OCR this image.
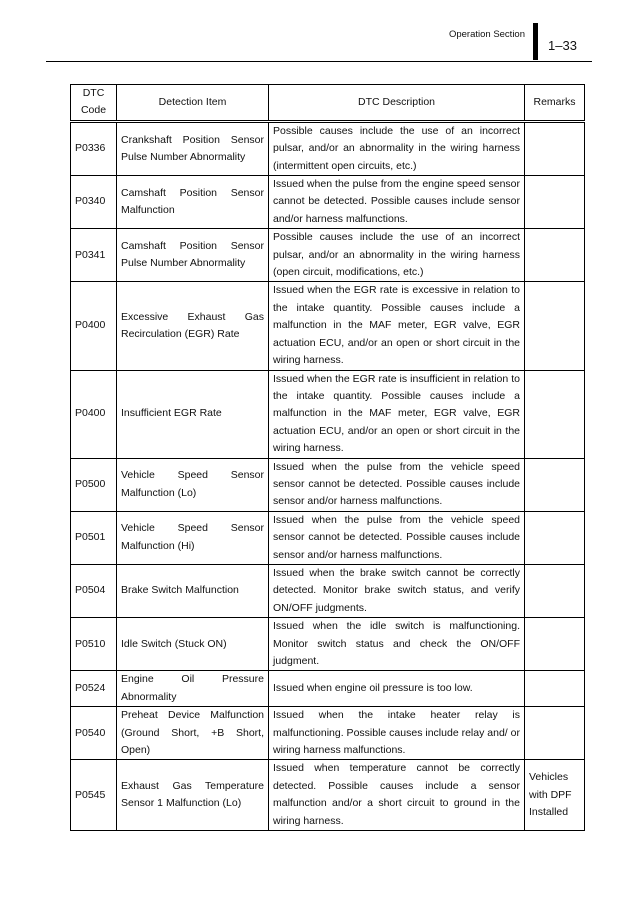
Operation Section
1–33
DTC
Code	Detection Item	DTC Description	Remarks
P0336	Crankshaft Position Sensor Pulse Number Abnormality	Possible causes include the use of an incorrect pulsar, and/or an abnormality in the wiring harness (intermittent open circuits, etc.)	
P0340	Camshaft Position Sensor Malfunction	Issued when the pulse from the engine speed sensor cannot be detected. Possible causes include sensor and/or harness malfunctions.	
P0341	Camshaft Position Sensor Pulse Number Abnormality	Possible causes include the use of an incorrect pulsar, and/or an abnormality in the wiring harness (open circuit, modifications, etc.)	
P0400	Excessive Exhaust Gas Recirculation (EGR) Rate	Issued when the EGR rate is excessive in relation to the intake quantity. Possible causes include a malfunction in the MAF meter, EGR valve, EGR actuation ECU, and/or an open or short circuit in the wiring harness.	
P0400	Insufficient EGR Rate	Issued when the EGR rate is insufficient in relation to the intake quantity. Possible causes include a malfunction in the MAF meter, EGR valve, EGR actuation ECU, and/or an open or short circuit in the wiring harness.	
P0500	Vehicle Speed Sensor Malfunction (Lo)	Issued when the pulse from the vehicle speed sensor cannot be detected. Possible causes include sensor and/or harness malfunctions.	
P0501	Vehicle Speed Sensor Malfunction (Hi)	Issued when the pulse from the vehicle speed sensor cannot be detected. Possible causes include sensor and/or harness malfunctions.	
P0504	Brake Switch Malfunction	Issued when the brake switch cannot be correctly detected. Monitor brake switch status, and verify ON/OFF judgments.	
P0510	Idle Switch (Stuck ON)	Issued when the idle switch is malfunctioning. Monitor switch status and check the ON/OFF judgment.	
P0524	Engine Oil Pressure Abnormality	Issued when engine oil pressure is too low.	
P0540	Preheat Device Malfunction (Ground Short, +B Short, Open)	Issued when the intake heater relay is malfunctioning. Possible causes include relay and/ or wiring harness malfunctions.	
P0545	Exhaust Gas Temperature Sensor 1 Malfunction (Lo)	Issued when temperature cannot be correctly detected. Possible causes include a sensor malfunction and/or a short circuit to ground in the wiring harness.	Vehicles with DPF Installed
